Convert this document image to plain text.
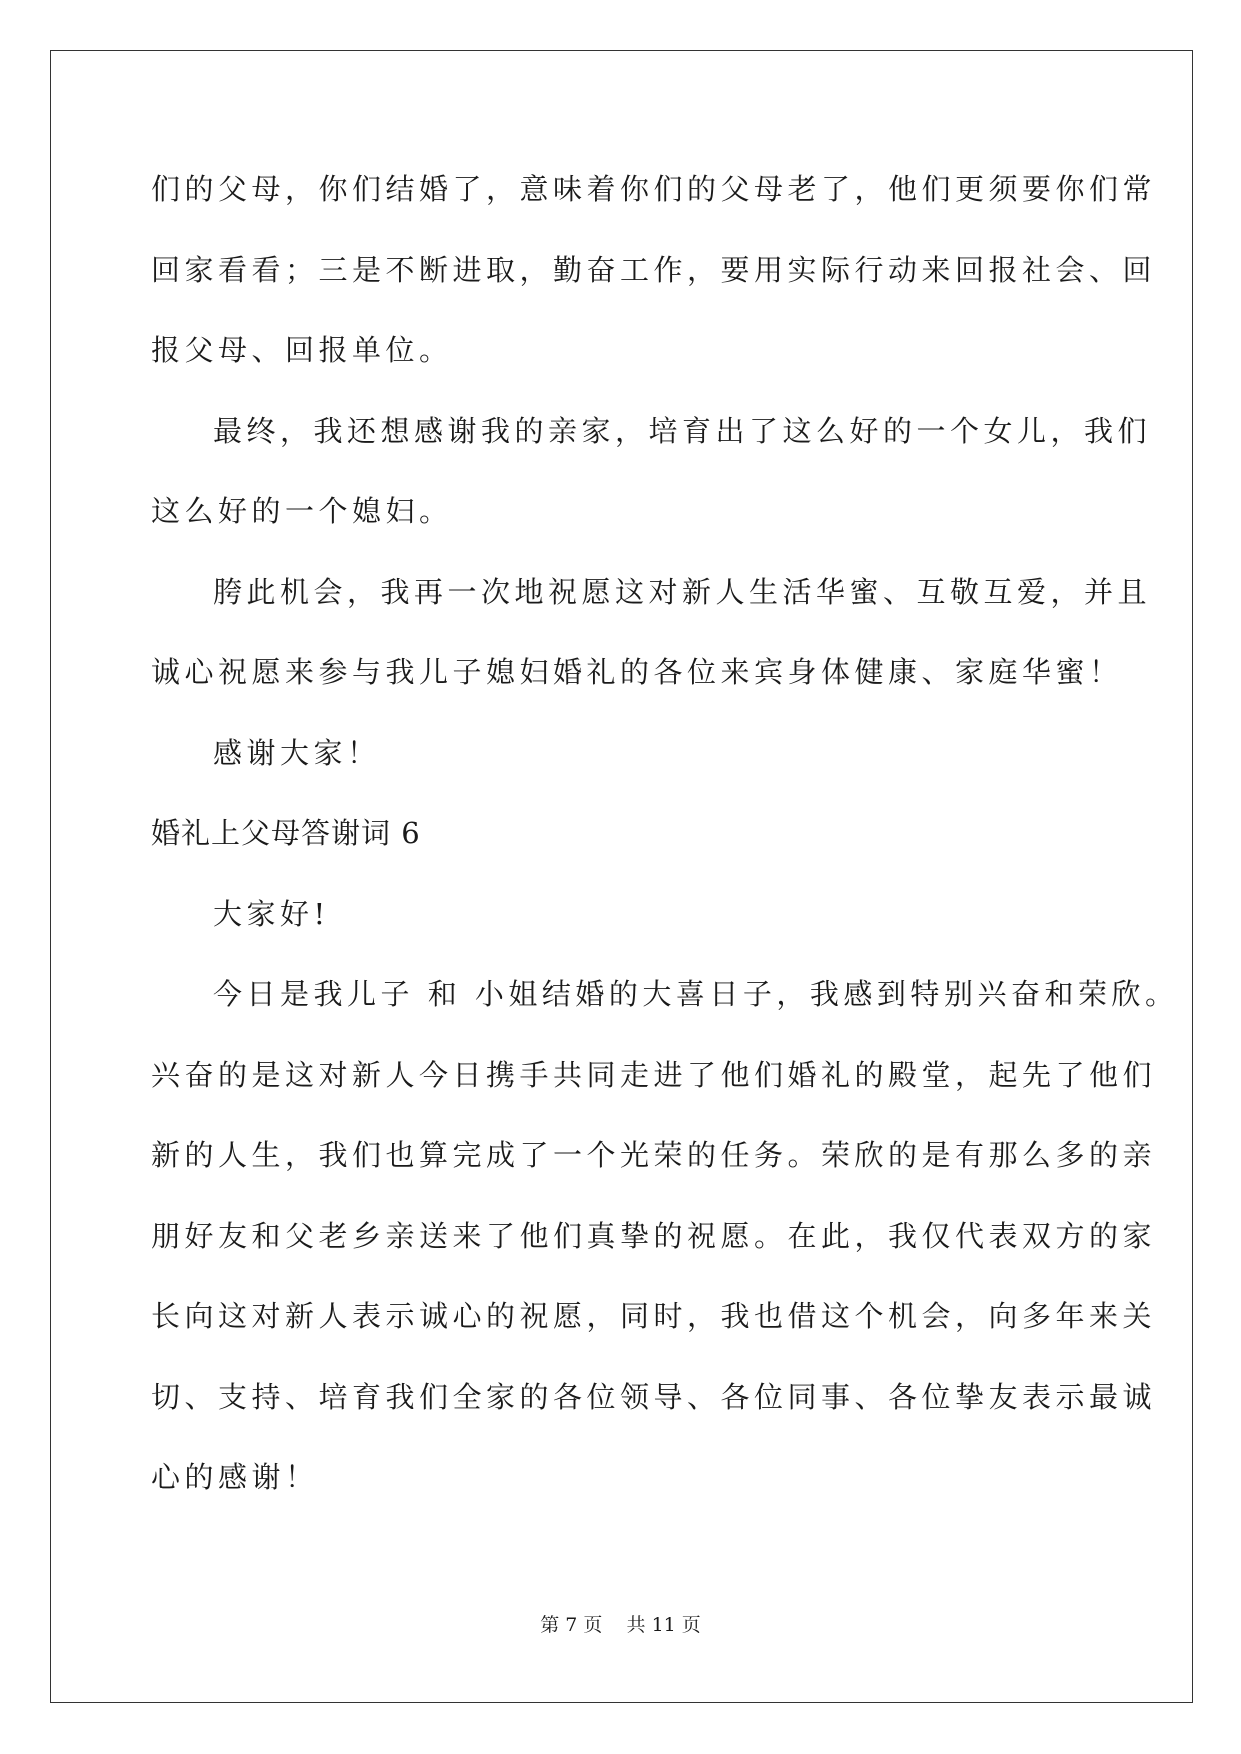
们的父母，你们结婚了，意味着你们的父母老了，他们更须要你们常
回家看看；三是不断进取，勤奋工作，要用实际行动来回报社会、回
报父母、回报单位。
最终，我还想感谢我的亲家，培育出了这么好的一个女儿，我们
这么好的一个媳妇。
胯此机会，我再一次地祝愿这对新人生活华蜜、互敬互爱，并且
诚心祝愿来参与我儿子媳妇婚礼的各位来宾身体健康、家庭华蜜！
感谢大家！
婚礼上父母答谢词 6
大家好!
今日是我儿子 和 小姐结婚的大喜日子，我感到特别兴奋和荣欣。
兴奋的是这对新人今日携手共同走进了他们婚礼的殿堂，起先了他们
新的人生，我们也算完成了一个光荣的任务。荣欣的是有那么多的亲
朋好友和父老乡亲送来了他们真挚的祝愿。在此，我仅代表双方的家
长向这对新人表示诚心的祝愿，同时，我也借这个机会，向多年来关
切、支持、培育我们全家的各位领导、各位同事、各位挚友表示最诚
心的感谢！
第 7 页    共 11 页
